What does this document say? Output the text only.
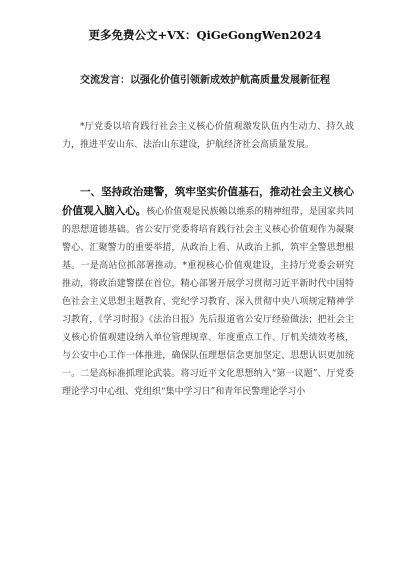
更多免费公文+VX：QiGeGongWen2024
交流发言：以强化价值引领新成效护航高质量发展新征程

*厅党委以培育践行社会主义核心价值观激发队伍内生动力、持久战力，推进平安山东、法治山东建设，护航经济社会高质量发展。

一、坚持政治建警，筑牢坚实价值基石，推动社会主义核心价值观入脑入心。核心价值观是民族赖以维系的精神纽带，是国家共同的思想道德基础。省公安厅党委将培育践行社会主义核心价值观作为凝聚警心、汇聚警力的重要举措，从政治上看、从政治上抓，筑牢全警思想根基。一是高站位抓部署推动。*重视核心价值观建设，主持厅党委会研究推动，将政治建警摆在首位，精心部署开展学习贯彻习近平新时代中国特色社会主义思想主题教育、党纪学习教育、深入贯彻中央八项规定精神学习教育，《学习时报》《法治日报》先后报道省公安厅经验做法；把社会主义核心价值观建设纳入单位管理规章、年度重点工作、厅机关绩效考核，与公安中心工作一体推进，确保队伍理想信念更加坚定、思想认识更加统一。二是高标准抓理论武装。将习近平文化思想纳入“第一议题”、厅党委理论学习中心组、党组织“集中学习日”和青年民警理论学习小
